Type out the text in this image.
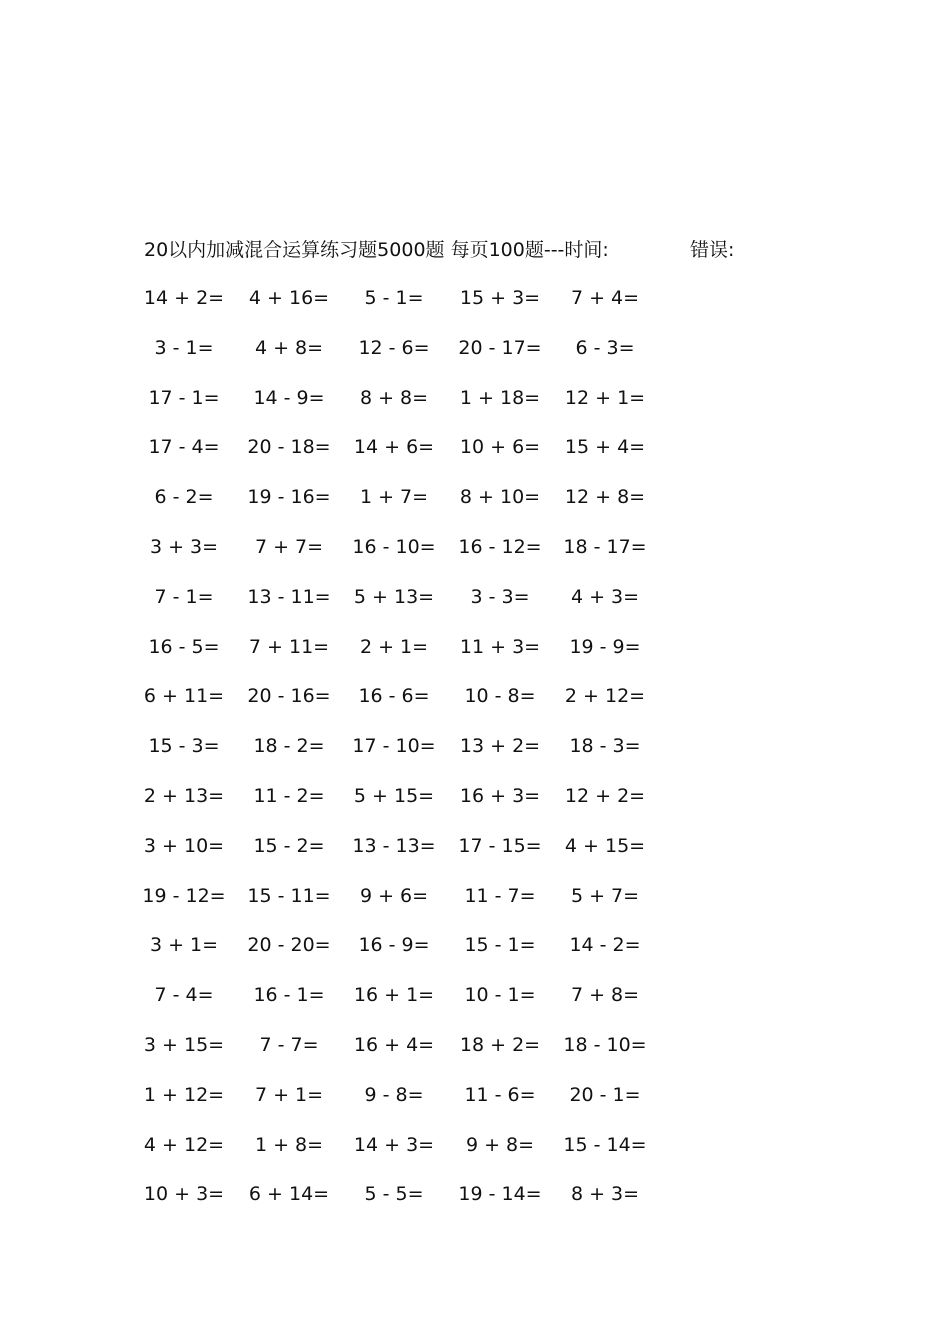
20以内加减混合运算练习题5000题 每页100题---时间:	错误:
14 + 2= 4 + 16= 5 - 1= 15 + 3= 7 + 4=
3 - 1= 4 + 8= 12 - 6= 20 - 17= 6 - 3=
17 - 1= 14 - 9= 8 + 8= 1 + 18= 12 + 1=
17 - 4= 20 - 18= 14 + 6= 10 + 6= 15 + 4=
6 - 2= 19 - 16= 1 + 7= 8 + 10= 12 + 8=
3 + 3= 7 + 7= 16 - 10= 16 - 12= 18 - 17=
7 - 1= 13 - 11= 5 + 13= 3 - 3= 4 + 3=
16 - 5= 7 + 11= 2 + 1= 11 + 3= 19 - 9=
6 + 11= 20 - 16= 16 - 6= 10 - 8= 2 + 12=
15 - 3= 18 - 2= 17 - 10= 13 + 2= 18 - 3=
2 + 13= 11 - 2= 5 + 15= 16 + 3= 12 + 2=
3 + 10= 15 - 2= 13 - 13= 17 - 15= 4 + 15=
19 - 12= 15 - 11= 9 + 6= 11 - 7= 5 + 7=
3 + 1= 20 - 20= 16 - 9= 15 - 1= 14 - 2=
7 - 4= 16 - 1= 16 + 1= 10 - 1= 7 + 8=
3 + 15= 7 - 7= 16 + 4= 18 + 2= 18 - 10=
1 + 12= 7 + 1= 9 - 8= 11 - 6= 20 - 1=
4 + 12= 1 + 8= 14 + 3= 9 + 8= 15 - 14=
10 + 3= 6 + 14= 5 - 5= 19 - 14= 8 + 3=
